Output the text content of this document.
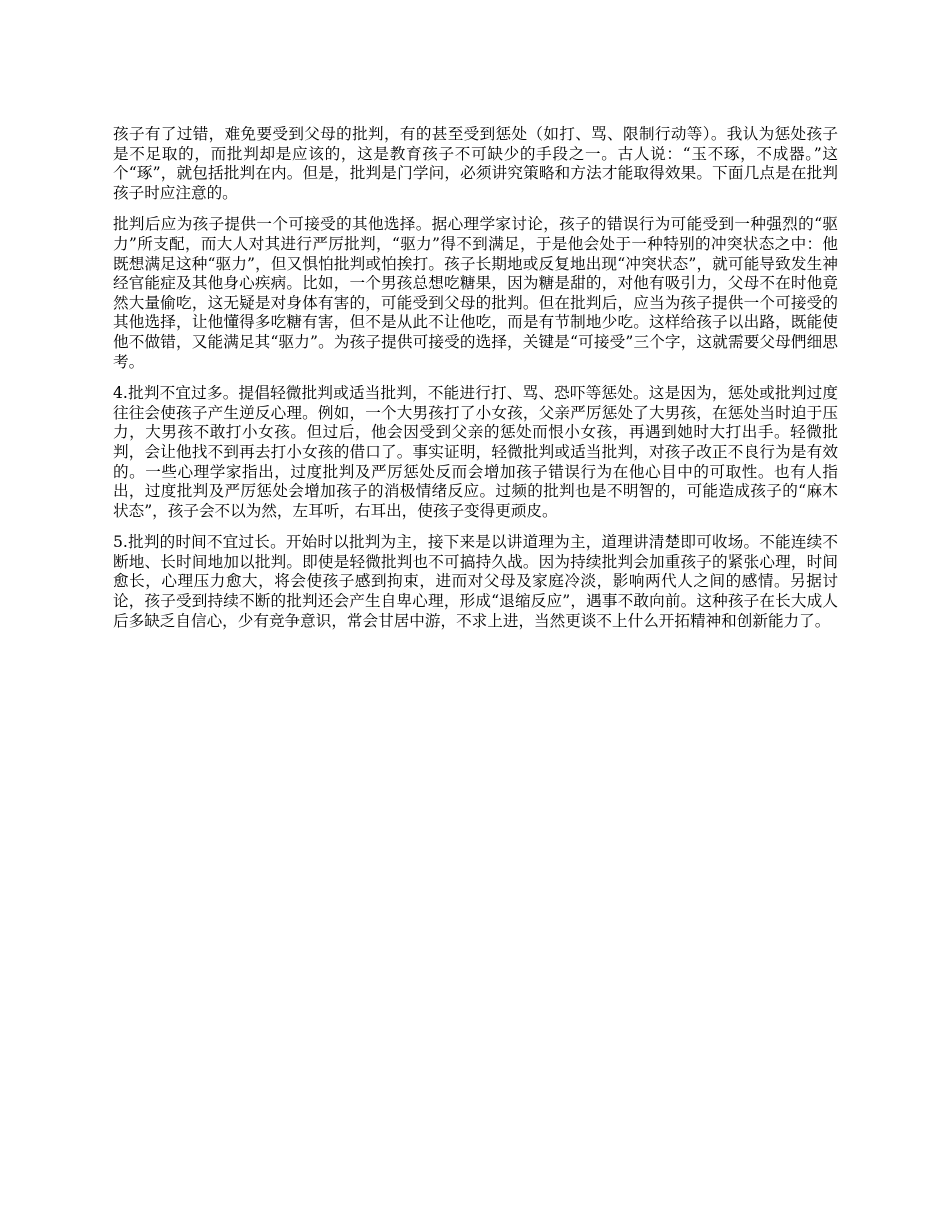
孩子有了过错，难免要受到父母的批判，有的甚至受到惩处（如打、骂、限制行动等）。我认为惩处孩子是不足取的，而批判却是应该的，这是教育孩子不可缺少的手段之一。古人说：“玉不琢，不成器。”这个“琢”，就包括批判在内。但是，批判是门学问，必须讲究策略和方法才能取得效果。下面几点是在批判孩子时应注意的。

批判后应为孩子提供一个可接受的其他选择。据心理学家讨论，孩子的错误行为可能受到一种强烈的“驱力”所支配，而大人对其进行严厉批判，“驱力”得不到满足，于是他会处于一种特别的冲突状态之中：他既想满足这种“驱力”，但又惧怕批判或怕挨打。孩子长期地或反复地出现“冲突状态”，就可能导致发生神经官能症及其他身心疾病。比如，一个男孩总想吃糖果，因为糖是甜的，对他有吸引力，父母不在时他竟然大量偷吃，这无疑是对身体有害的，可能受到父母的批判。但在批判后，应当为孩子提供一个可接受的其他选择，让他懂得多吃糖有害，但不是从此不让他吃，而是有节制地少吃。这样给孩子以出路，既能使他不做错，又能满足其“驱力”。为孩子提供可接受的选择，关键是“可接受”三个字，这就需要父母們细思考。

4.批判不宜过多。提倡轻微批判或适当批判，不能进行打、骂、恐吓等惩处。这是因为，惩处或批判过度往往会使孩子产生逆反心理。例如，一个大男孩打了小女孩，父亲严厉惩处了大男孩，在惩处当时迫于压力，大男孩不敢打小女孩。但过后，他会因受到父亲的惩处而恨小女孩，再遇到她时大打出手。轻微批判，会让他找不到再去打小女孩的借口了。事实证明，轻微批判或适当批判，对孩子改正不良行为是有效的。一些心理学家指出，过度批判及严厉惩处反而会增加孩子错误行为在他心目中的可取性。也有人指出，过度批判及严厉惩处会增加孩子的消极情绪反应。过频的批判也是不明智的，可能造成孩子的“麻木状态”，孩子会不以为然，左耳听，右耳出，使孩子变得更顽皮。

5.批判的时间不宜过长。开始时以批判为主，接下来是以讲道理为主，道理讲清楚即可收场。不能连续不断地、长时间地加以批判。即使是轻微批判也不可搞持久战。因为持续批判会加重孩子的紧张心理，时间愈长，心理压力愈大，将会使孩子感到拘束，进而对父母及家庭冷淡，影响两代人之间的感情。另据讨论，孩子受到持续不断的批判还会产生自卑心理，形成“退缩反应”，遇事不敢向前。这种孩子在长大成人后多缺乏自信心，少有竞争意识，常会甘居中游，不求上进，当然更谈不上什么开拓精神和创新能力了。
